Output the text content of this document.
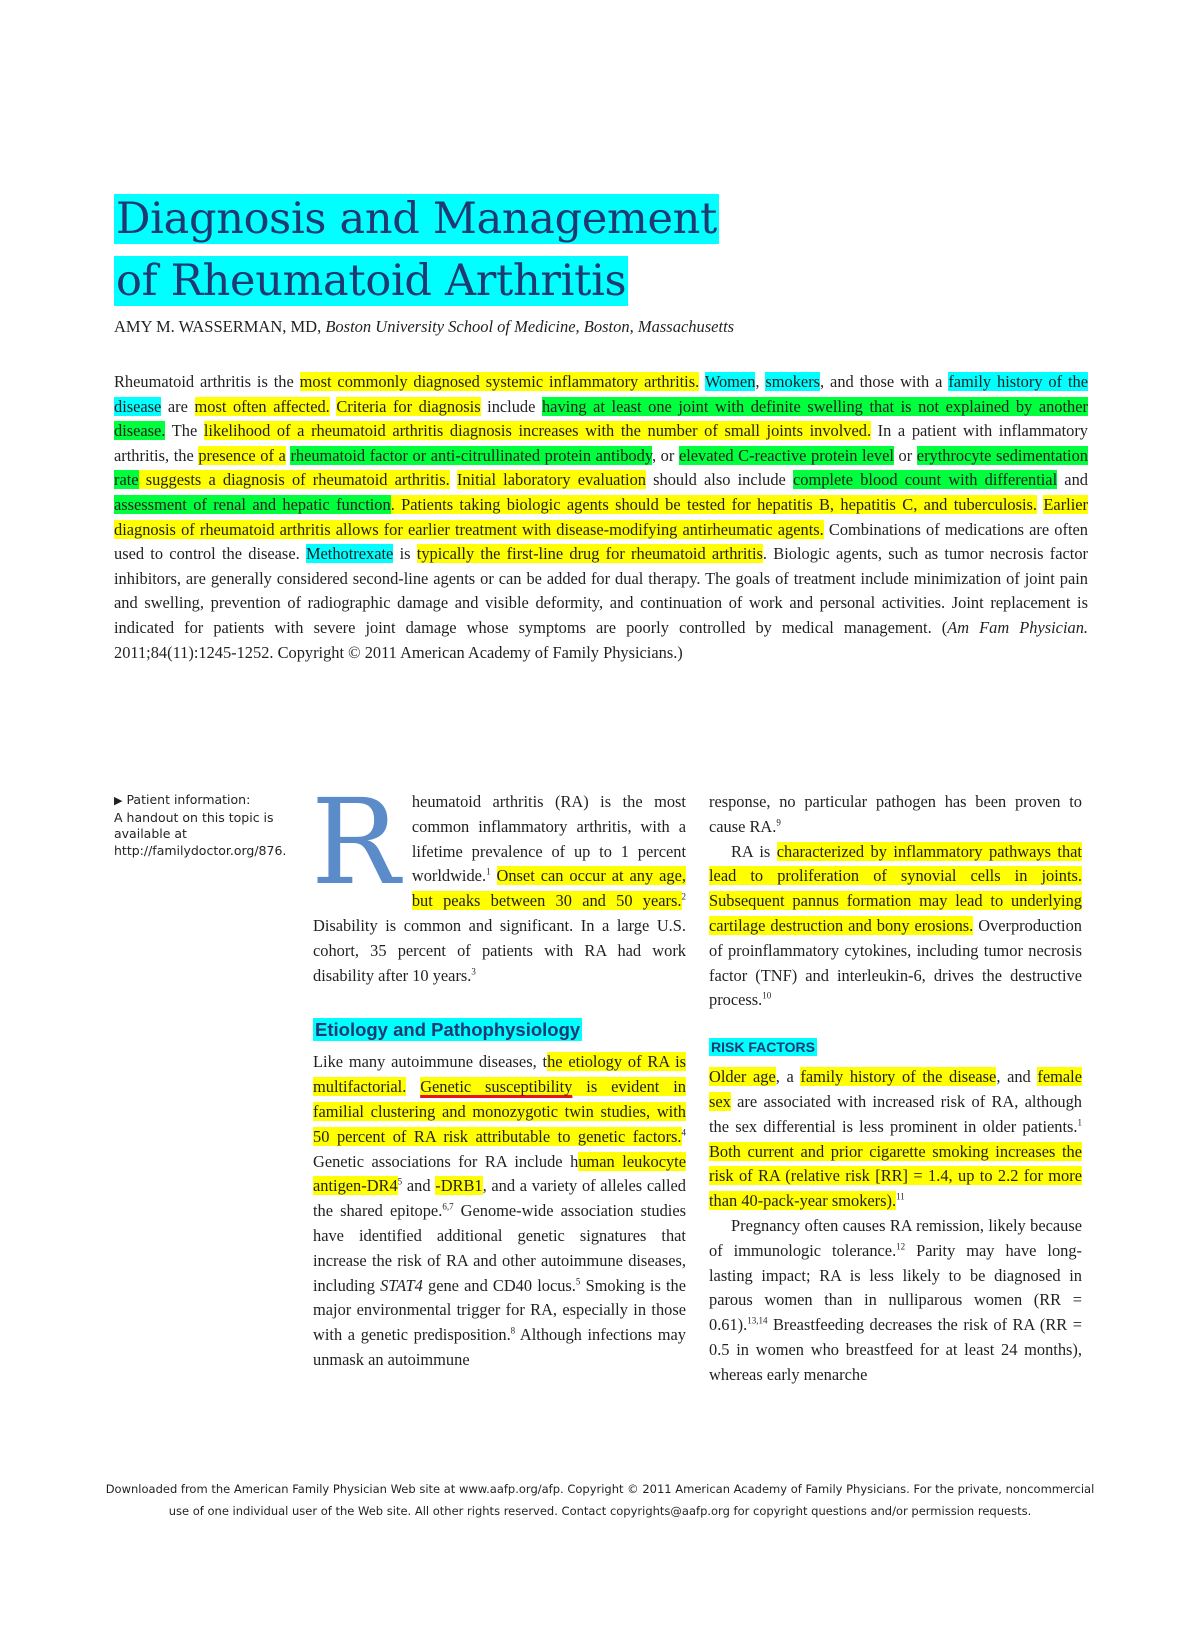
Diagnosis and Management
of Rheumatoid Arthritis
AMY M. WASSERMAN, MD, Boston University School of Medicine, Boston, Massachusetts

Rheumatoid arthritis is the most commonly diagnosed systemic inflammatory arthritis. Women, smokers, and those with a family history of the disease are most often affected. Criteria for diagnosis include having at least one joint with definite swelling that is not explained by another disease. The likelihood of a rheumatoid arthritis diagnosis increases with the number of small joints involved. In a patient with inflammatory arthritis, the presence of a rheumatoid factor or anti-citrullinated protein antibody, or elevated C-reactive protein level or erythrocyte sedimentation rate suggests a diagnosis of rheumatoid arthritis. Initial laboratory evaluation should also include complete blood count with differential and assessment of renal and hepatic function. Patients taking biologic agents should be tested for hepatitis B, hepatitis C, and tuberculosis. Earlier diagnosis of rheumatoid arthritis allows for earlier treatment with disease-modifying antirheumatic agents. Combinations of medications are often used to control the disease. Methotrexate is typically the first-line drug for rheumatoid arthritis. Biologic agents, such as tumor necrosis factor inhibitors, are generally considered second-line agents or can be added for dual therapy. The goals of treatment include minimization of joint pain and swelling, prevention of radiographic damage and visible deformity, and continuation of work and personal activities. Joint replacement is indicated for patients with severe joint damage whose symptoms are poorly controlled by medical management. (Am Fam Physician. 2011;84(11):1245-1252. Copyright © 2011 American Academy of Family Physicians.)

▶ Patient information:
A handout on this topic is available at http://familydoctor.org/876. Rheumatoid arthritis (RA) is the most common inflammatory arthritis, with a lifetime prevalence of up to 1 percent worldwide.$^1$ Onset can occur at any age, but peaks between 30 and 50 years.$^2$ Disability is common and significant. In a large U.S. cohort, 35 percent of patients with RA had work disability after 10 years.$^3$

Etiology and Pathophysiology

Like many autoimmune diseases, the etiology of RA is multifactorial. Genetic susceptibility is evident in familial clustering and monozygotic twin studies, with 50 percent of RA risk attributable to genetic factors.$^4$ Genetic associations for RA include human leukocyte antigen-$DR4^5$ and -DRB1, and a variety of alleles called the shared epitope.$^{6,7}$ Genome-wide association studies have identified additional genetic signatures that increase the risk of RA and other autoimmune diseases, including STAT4 gene and CD40 locus.$^5$ Smoking is the major environmental trigger for RA, especially in those with a genetic predisposition.$^8$ Although infections may unmask an autoimmune

response, no particular pathogen has been proven to cause RA.$^9$

RA is characterized by inflammatory pathways that lead to proliferation of synovial cells in joints. Subsequent pannus formation may lead to underlying cartilage destruction and bony erosions. Overproduction of proinflammatory cytokines, including tumor necrosis factor (TNF) and interleukin-6, drives the destructive process.$^{10}$

RISK FACTORS

Older age, a family history of the disease, and female sex are associated with increased risk of RA, although the sex differential is less prominent in older patients.$^1$ Both current and prior cigarette smoking increases the risk of RA (relative risk [RR] = 1.4, up to 2.2 for more than 40-pack-year smokers).$^{11}$

Pregnancy often causes RA remission, likely because of immunologic tolerance.$^{12}$ Parity may have long-lasting impact; RA is less likely to be diagnosed in parous women than in nulliparous women (RR = 0.61).$^{13,14}$ Breastfeeding decreases the risk of RA (RR = 0.5 in women who breastfeed for at least 24 months), whereas early menarche

Downloaded from the American Family Physician Web site at www.aafp.org/afp. Copyright © 2011 American Academy of Family Physicians. For the private, noncommercial
use of one individual user of the Web site. All other rights reserved. Contact copyrights@aafp.org for copyright questions and/or permission requests.
